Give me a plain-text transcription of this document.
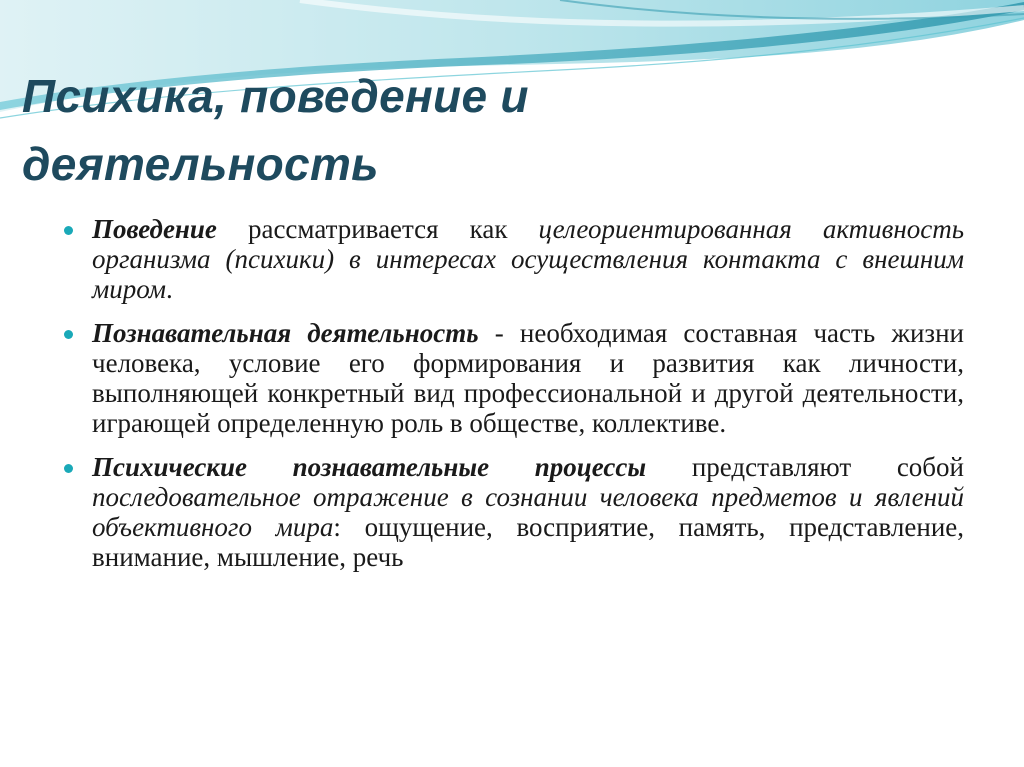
Психика, поведение и деятельность
Поведение рассматривается как целеориентированная активность организма (психики) в интересах осуществления контакта с внешним миром.
Познавательная деятельность - необходимая составная часть жизни человека, условие его формирования и развития как личности, выполняющей конкретный вид профессиональной и другой деятельности, играющей определенную роль в обществе, коллективе.
Психические познавательные процессы представляют собой последовательное отражение в сознании человека предметов и явлений объективного мира: ощущение, восприятие, память, представление, внимание, мышление, речь
